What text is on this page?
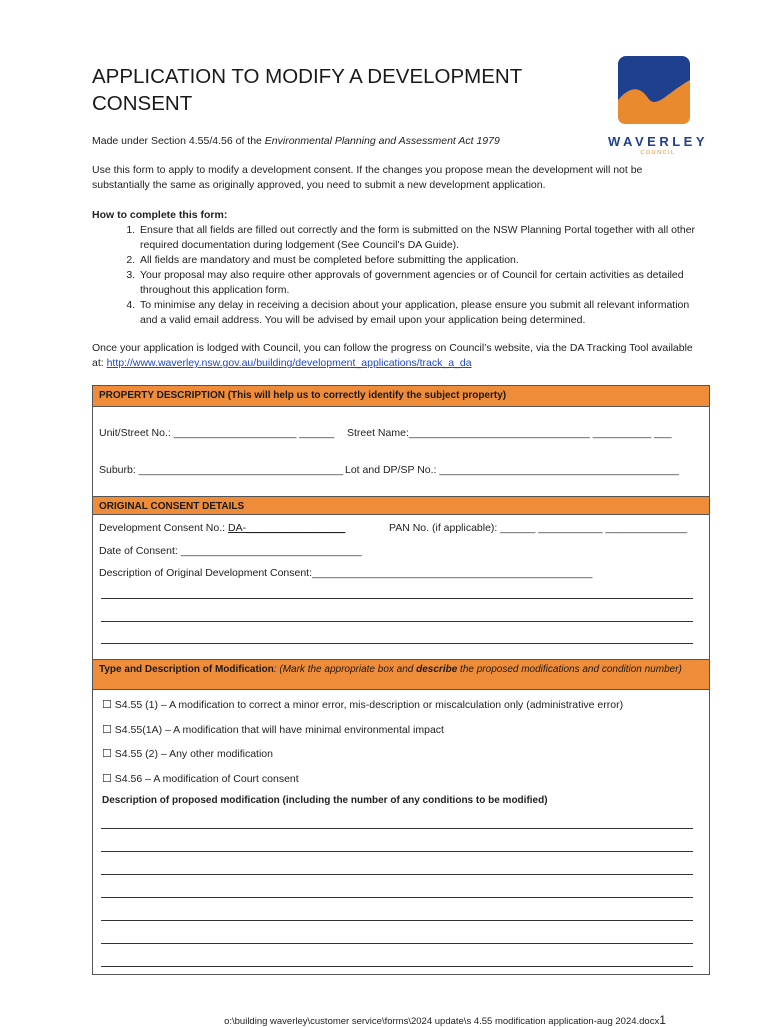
APPLICATION TO MODIFY A DEVELOPMENT
CONSENT
WAVERLEY
COUNCIL
Made under Section 4.55/4.56 of the Environmental Planning and Assessment Act 1979
Use this form to apply to modify a development consent. If the changes you propose mean the development will not be substantially the same as originally approved, you need to submit a new development application.
How to complete this form:
1. Ensure that all fields are filled out correctly and the form is submitted on the NSW Planning Portal together with all other required documentation during lodgement (See Council’s DA Guide).
2. All fields are mandatory and must be completed before submitting the application.
3. Your proposal may also require other approvals of government agencies or of Council for certain activities as detailed throughout this application form.
4. To minimise any delay in receiving a decision about your application, please ensure you submit all relevant information and a valid email address. You will be advised by email upon your application being determined.
Once your application is lodged with Council, you can follow the progress on Council’s website, via the DA Tracking Tool available at: http://www.waverley.nsw.gov.au/building/development_applications/track_a_da
PROPERTY DESCRIPTION (This will help us to correctly identify the subject property)
Unit/Street No.: _____________________ ______ Street Name:_______________________________ __________ ___
Suburb: ___________________________________ Lot and DP/SP No.: _________________________________________
ORIGINAL CONSENT DETAILS
Development Consent No.: DA-_________________	PAN No. (if applicable): ______ ___________ ______________
Date of Consent: _______________________________
Description of Original Development Consent:________________________________________________
Type and Description of Modification: (Mark the appropriate box and describe the proposed modifications and condition number)
☐ S4.55 (1) – A modification to correct a minor error, mis-description or miscalculation only (administrative error)
☐ S4.55(1A) – A modification that will have minimal environmental impact
☐ S4.55 (2) – Any other modification
☐ S4.56 – A modification of Court consent
Description of proposed modification (including the number of any conditions to be modified)
o:\building waverley\customer service\forms\2024 update\s 4.55 modification application-aug 2024.docx1
